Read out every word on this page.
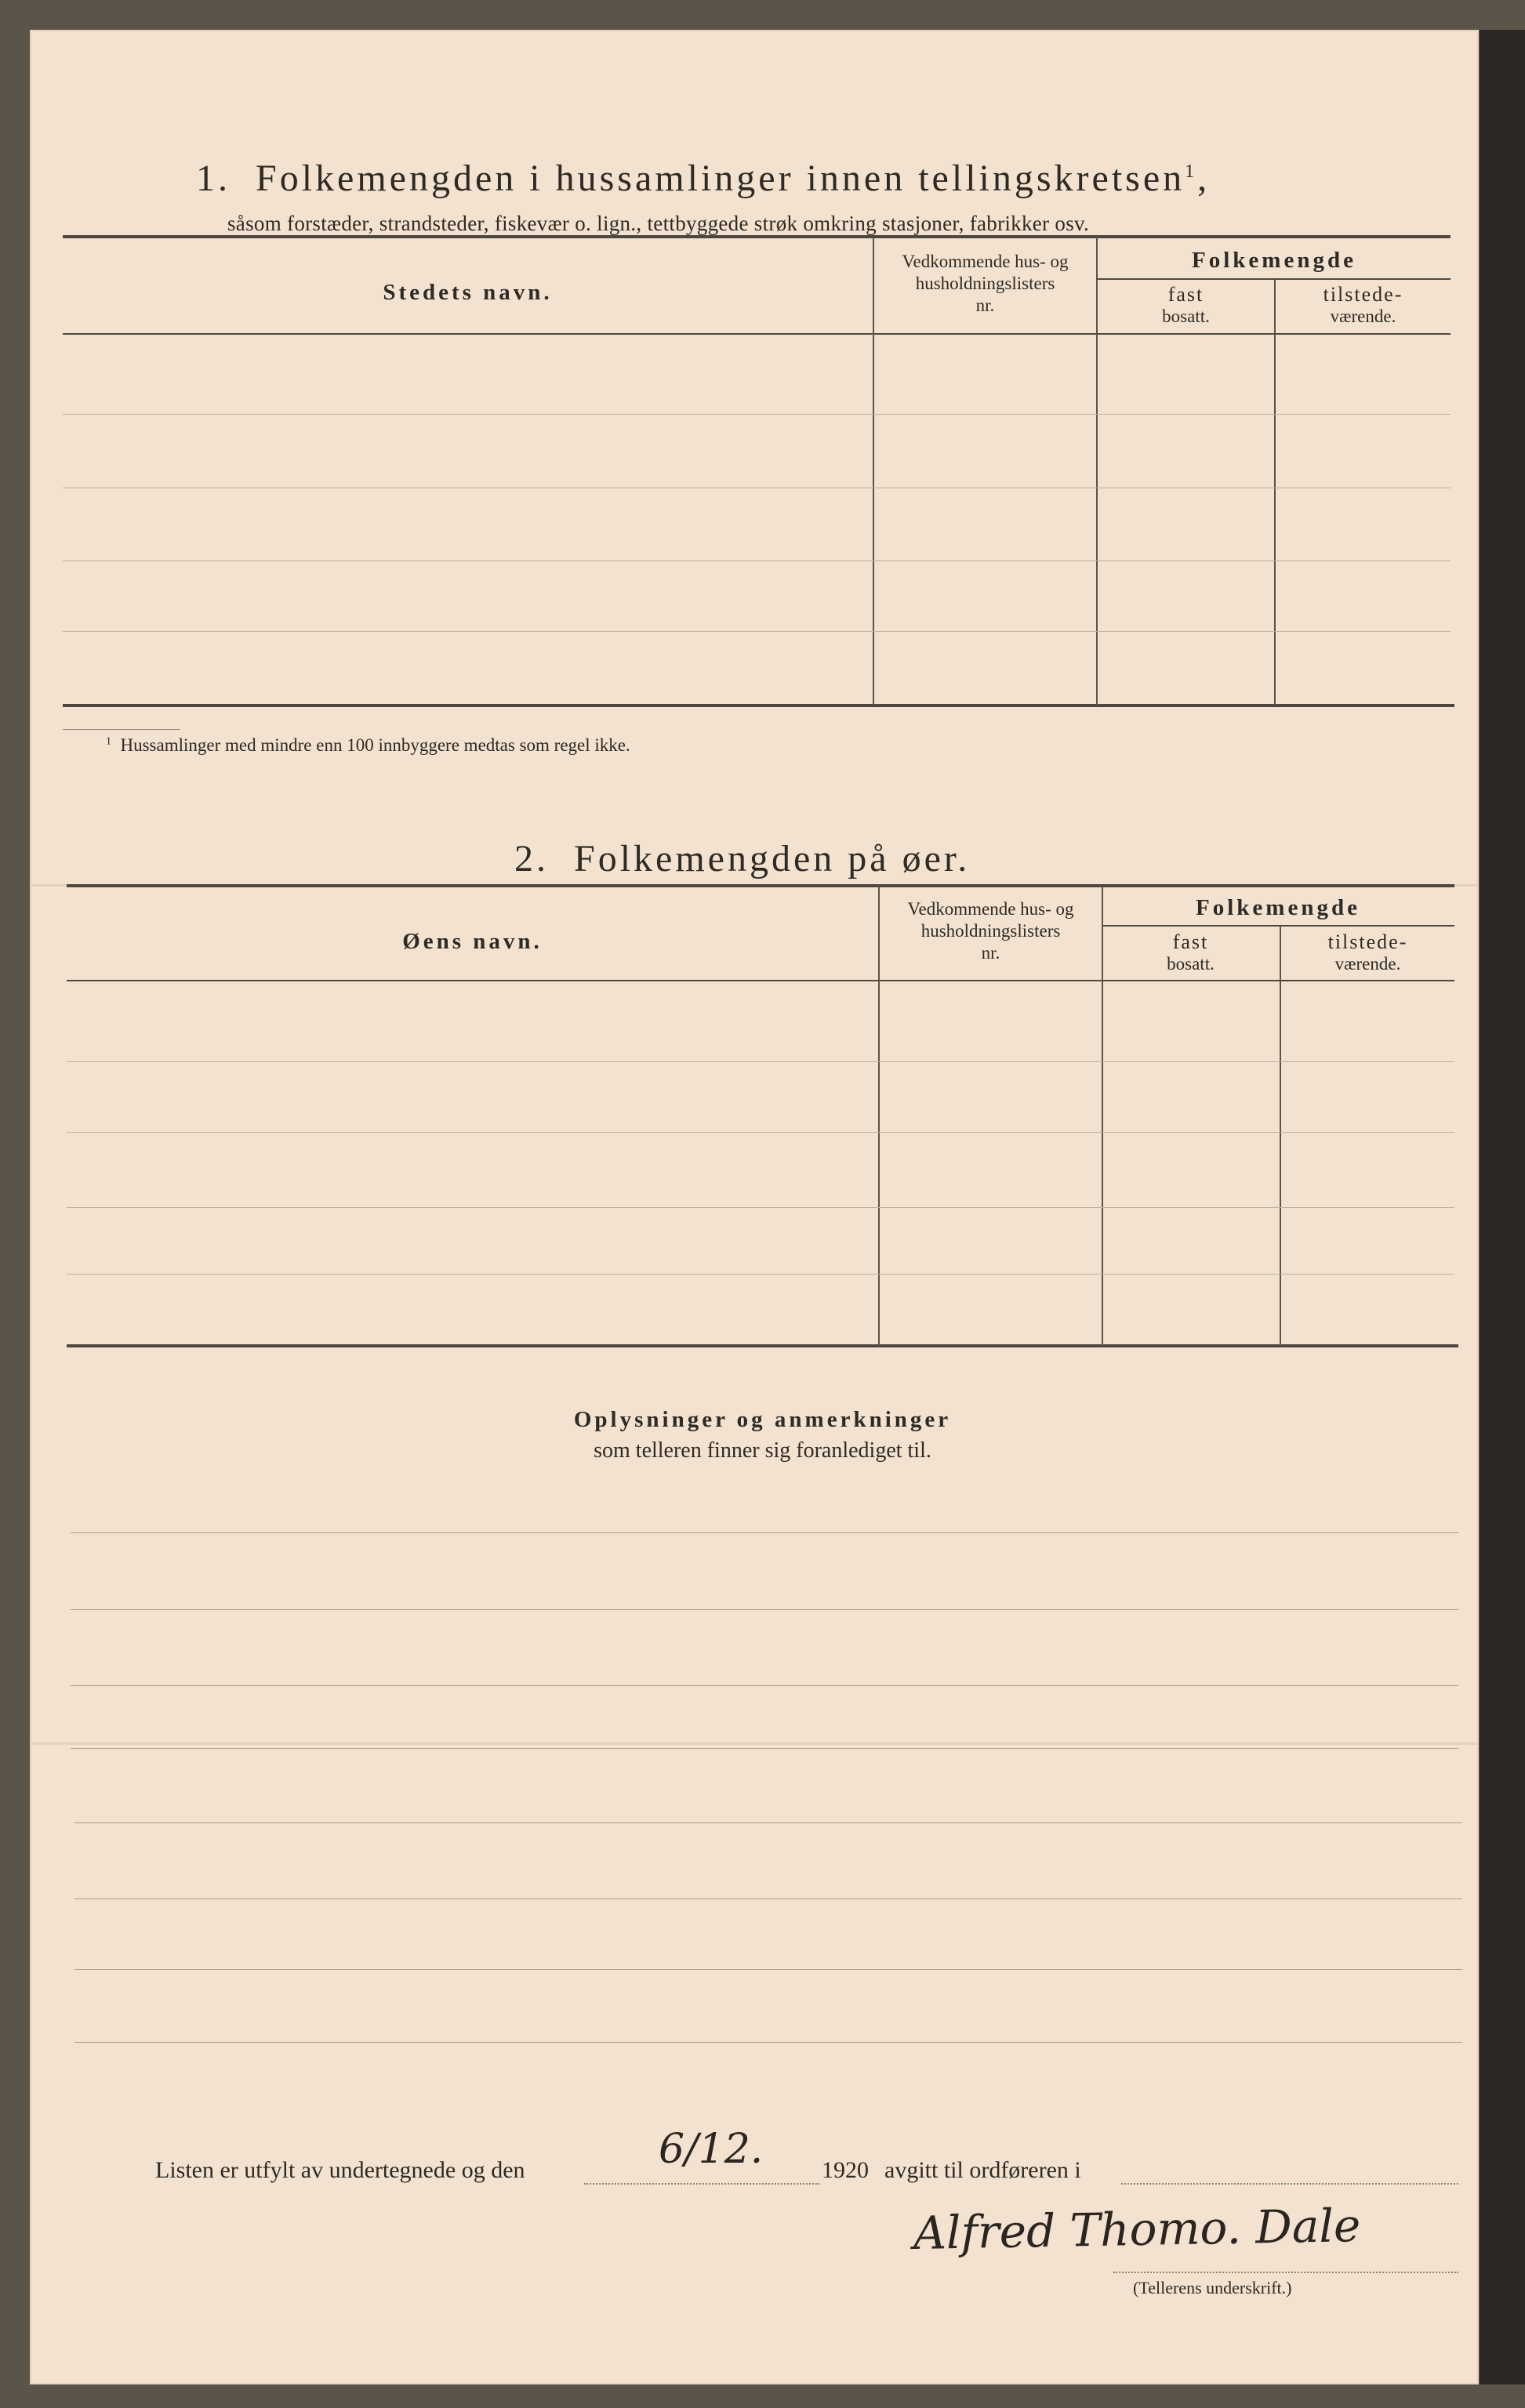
1. Folkemengden i hussamlinger innen tellingskretsen$^1$,
såsom forstæder, strandsteder, fiskevær o. lign., tettbyggede strøk omkring stasjoner, fabrikker osv.
Stedets navn.
Vedkommende hus- og
husholdningslisters
nr.
Folkemengde
fast
bosatt.
tilstede-
værende.
$^1$ Hussamlinger med mindre enn 100 innbyggere medtas som regel ikke.
2. Folkemengden på øer.
Øens navn.
Vedkommende hus- og
husholdningslisters
nr.
Folkemengde
fast
bosatt.
tilstede-
værende.
Oplysninger og anmerkninger
som telleren finner sig foranlediget til.
Listen er utfylt av undertegnede og den	6/12. 1920 avgitt til ordføreren i
Alfred Thomo. Dale
(Tellerens underskrift.)
